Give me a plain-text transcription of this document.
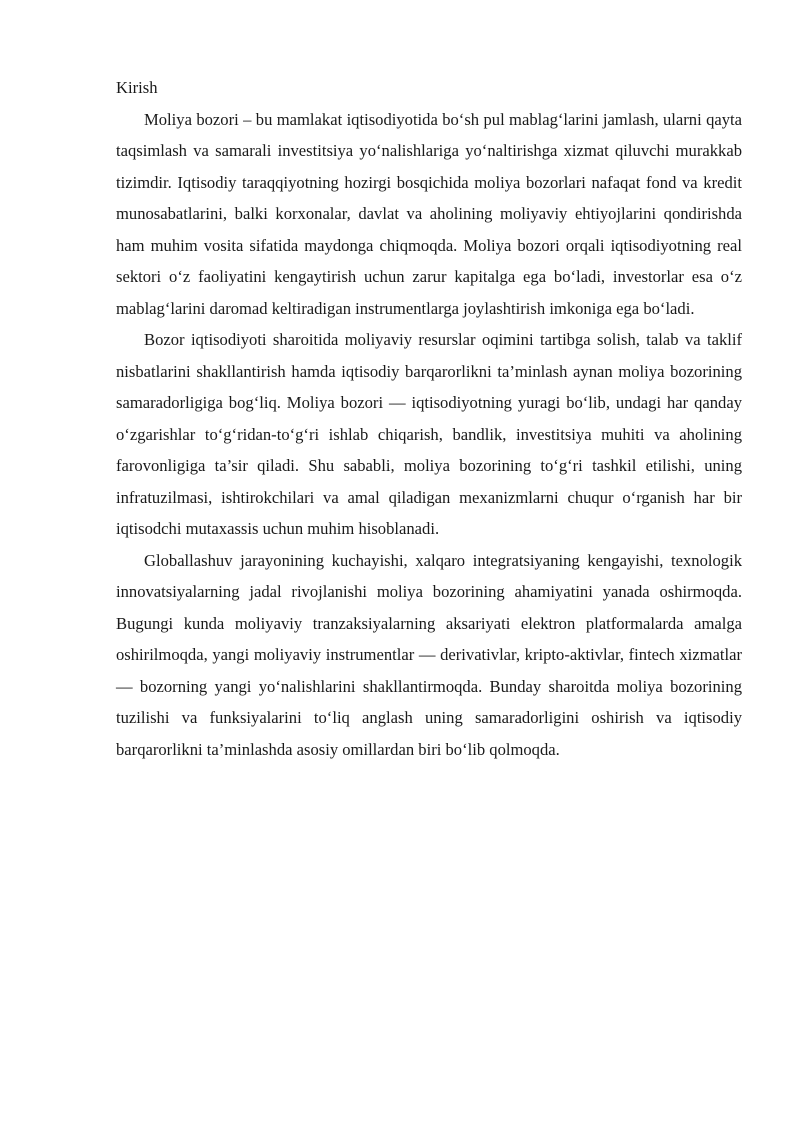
Kirish

Moliya bozori – bu mamlakat iqtisodiyotida bo‘sh pul mablag‘larini jamlash, ularni qayta taqsimlash va samarali investitsiya yo‘nalishlariga yo‘naltirishga xizmat qiluvchi murakkab tizimdir. Iqtisodiy taraqqiyotning hozirgi bosqichida moliya bozorlari nafaqat fond va kredit munosabatlarini, balki korxonalar, davlat va aholining moliyaviy ehtiyojlarini qondirishda ham muhim vosita sifatida maydonga chiqmoqda. Moliya bozori orqali iqtisodiyotning real sektori o‘z faoliyatini kengaytirish uchun zarur kapitalga ega bo‘ladi, investorlar esa o‘z mablag‘larini daromad keltiradigan instrumentlarga joylashtirish imkoniga ega bo‘ladi.

Bozor iqtisodiyoti sharoitida moliyaviy resurslar oqimini tartibga solish, talab va taklif nisbatlarini shakllantirish hamda iqtisodiy barqarorlikni ta’minlash aynan moliya bozorining samaradorligiga bog‘liq. Moliya bozori — iqtisodiyotning yuragi bo‘lib, undagi har qanday o‘zgarishlar to‘g‘ridan-to‘g‘ri ishlab chiqarish, bandlik, investitsiya muhiti va aholining farovonligiga ta’sir qiladi. Shu sababli, moliya bozorining to‘g‘ri tashkil etilishi, uning infratuzilmasi, ishtirokchilari va amal qiladigan mexanizmlarni chuqur o‘rganish har bir iqtisodchi mutaxassis uchun muhim hisoblanadi.

Globallashuv jarayonining kuchayishi, xalqaro integratsiyaning kengayishi, texnologik innovatsiyalarning jadal rivojlanishi moliya bozorining ahamiyatini yanada oshirmoqda. Bugungi kunda moliyaviy tranzaksiyalarning aksariyati elektron platformalarda amalga oshirilmoqda, yangi moliyaviy instrumentlar — derivativlar, kripto-aktivlar, fintech xizmatlar — bozorning yangi yo‘nalishlarini shakllantirmoqda. Bunday sharoitda moliya bozorining tuzilishi va funksiyalarini to‘liq anglash uning samaradorligini oshirish va iqtisodiy barqarorlikni ta’minlashda asosiy omillardan biri bo‘lib qolmoqda.
